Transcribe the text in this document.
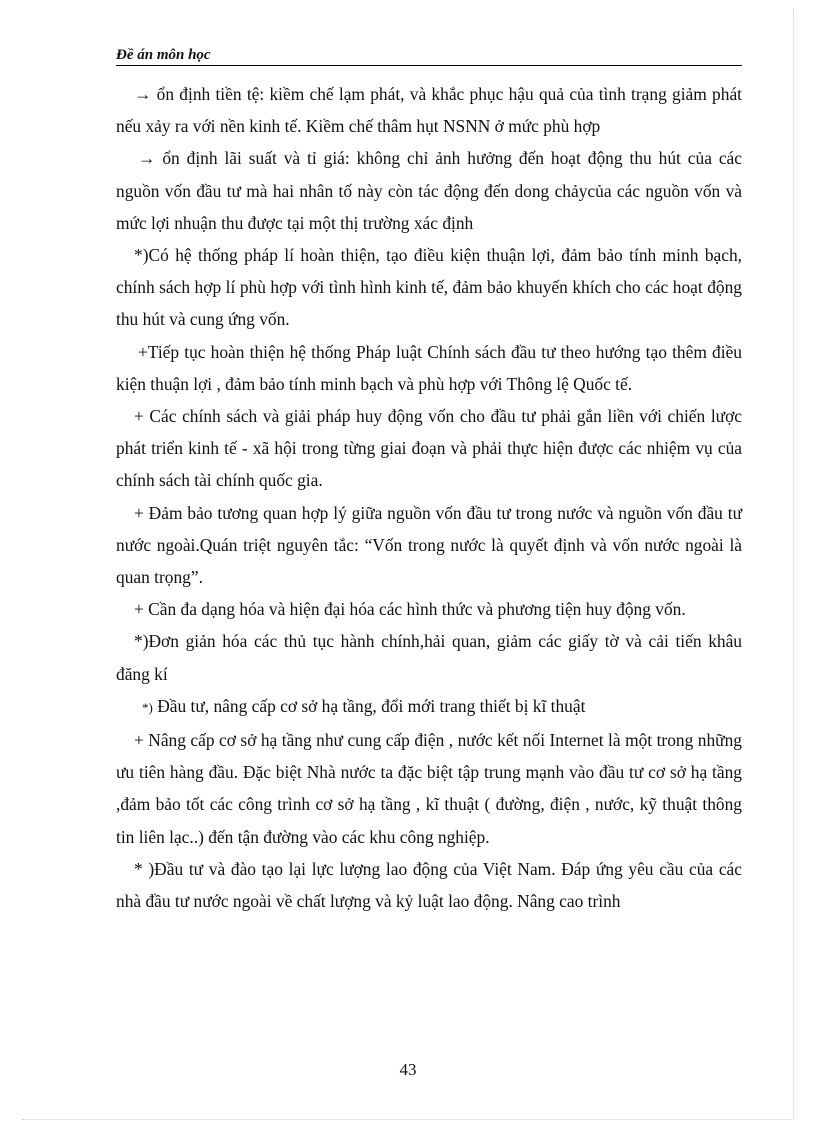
Đề án môn học

→ ổn định tiền tệ: kiềm chế lạm phát, và khắc phục hậu quả của tình trạng giảm phát nếu xảy ra với nền kinh tế. Kiềm chế thâm hụt NSNN ở mức phù hợp

→ ổn định lãi suất và tỉ giá: không chỉ ảnh hưởng đến hoạt động thu hút của các nguồn vốn đầu tư mà hai nhân tố này còn tác động đến dong chảycủa các nguồn vốn và mức lợi nhuận thu được tại một thị trường xác định

*)Có hệ thống pháp lí hoàn thiện, tạo điều kiện thuận lợi, đảm bảo tính minh bạch, chính sách hợp lí phù hợp với tình hình kinh tế, đảm bảo khuyến khích cho các hoạt động thu hút và cung ứng vốn.

+Tiếp tục hoàn thiện hệ thống Pháp luật Chính sách đầu tư theo hướng tạo thêm điều kiện thuận lợi , đảm bảo tính minh bạch và phù hợp với Thông lệ Quốc tế.

+ Các chính sách và giải pháp huy động vốn cho đầu tư phải gắn liền với chiến lược phát triển kinh tế - xã hội trong từng giai đoạn và phải thực hiện được các nhiệm vụ của chính sách tài chính quốc gia.

+ Đảm bảo tương quan hợp lý giữa nguồn vốn đầu tư trong nước và nguồn vốn đầu tư nước ngoài.Quán triệt nguyên tắc: “Vốn trong nước là quyết định và vốn nước ngoài là quan trọng”.

+ Cần đa dạng hóa và hiện đại hóa các hình thức và phương tiện huy động vốn.

*)Đơn giản hóa các thủ tục hành chính,hải quan, giảm các giấy tờ và cải tiến khâu đăng kí

*) Đầu tư, nâng cấp cơ sở hạ tầng, đổi mới trang thiết bị kĩ thuật

+ Nâng cấp cơ sở hạ tầng như cung cấp điện , nước kết nối Internet là một trong những ưu tiên hàng đầu. Đặc biệt Nhà nước ta đặc biệt tập trung mạnh vào đầu tư cơ sở hạ tầng ,đảm bảo tốt các công trình cơ sở hạ tầng , kĩ thuật ( đường, điện , nước, kỹ thuật thông tin liên lạc..) đến tận đường vào các khu công nghiệp.

* )Đầu tư và đào tạo lại lực lượng lao động của Việt Nam. Đáp ứng yêu cầu của các nhà đầu tư nước ngoài về chất lượng và kỷ luật lao động. Nâng cao trình

43
